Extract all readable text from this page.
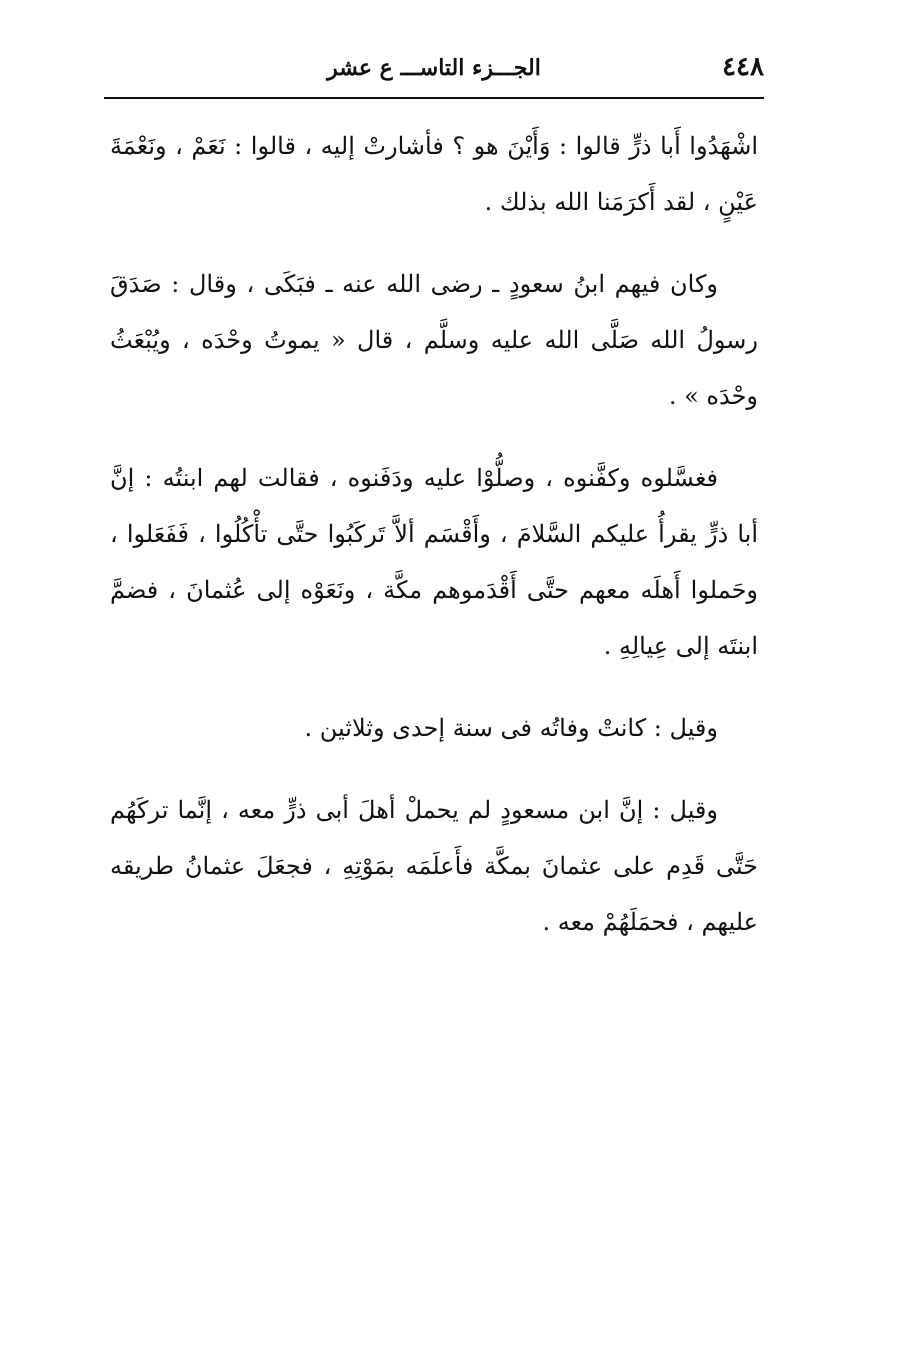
٤٤٨
الجـــزء التاســـ ع عشر

اشْهَدُوا أَبا ذرٍّ قالوا : وَأَيْنَ هو ؟ فأشارتْ إليه ، قالوا : نَعَمْ ، ونَعْمَةَ عَيْنٍ ، لقد أَكرَمَنا الله بذلك .

وكان فيهم ابنُ سعودٍ ـ رضى الله عنه ـ فبَكَى ، وقال : صَدَقَ رسولُ الله صَلَّى الله عليه وسلَّم ، قال « يموتُ وحْدَه ، ويُبْعَثُ وحْدَه » .

فغسَّلوه وكفَّنوه ، وصلُّوْا عليه ودَفَنوه ، فقالت لهم ابنتُه : إنَّ أبا ذرٍّ يقرأُ عليكم السَّلامَ ، وأَقْسَم ألاَّ تَركَبُوا حتَّى تأْكُلُوا ، فَفَعَلوا ، وحَملوا أَهلَه معهم حتَّى أَقْدَموهم مكَّة ، ونَعَوْه إلى عُثمانَ ، فضمَّ ابنتَه إلى عِيالِهِ .

وقيل : كانتْ وفاتُه فى سنة إحدى وثلاثين .

وقيل : إنَّ ابن مسعودٍ لم يحملْ أهلَ أبى ذرٍّ معه ، إنَّما تركَهُم حَتَّى قَدِم على عثمانَ بمكَّة فأَعلَمَه بمَوْتِهِ ، فجعَلَ عثمانُ طريقه عليهم ، فحمَلَهُمْ معه .
